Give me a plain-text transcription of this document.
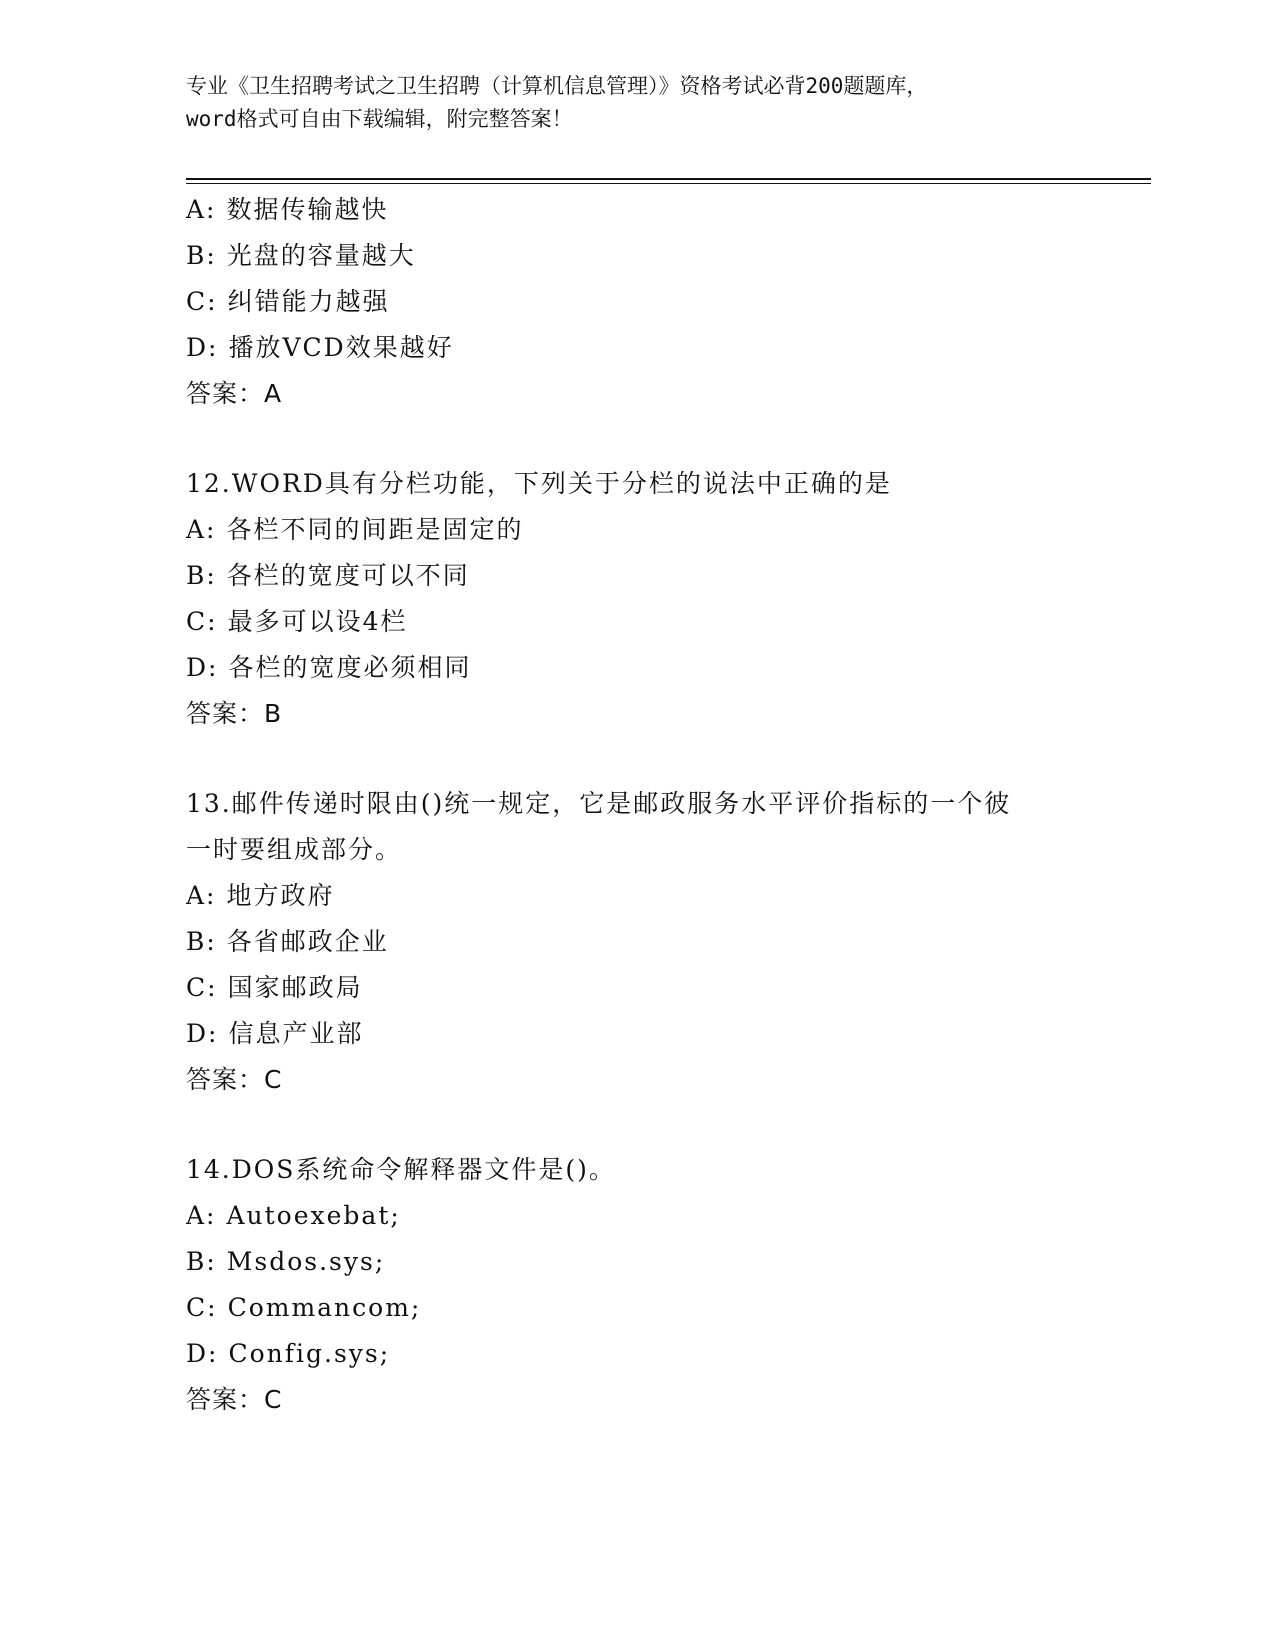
专业《卫生招聘考试之卫生招聘（计算机信息管理）》资格考试必背200题题库，
word格式可自由下载编辑，附完整答案！
A: 数据传输越快
B: 光盘的容量越大
C: 纠错能力越强
D: 播放VCD效果越好
答案：A
12.WORD具有分栏功能，下列关于分栏的说法中正确的是
A: 各栏不同的间距是固定的
B: 各栏的宽度可以不同
C: 最多可以设4栏
D: 各栏的宽度必须相同
答案：B
13.邮件传递时限由()统一规定，它是邮政服务水平评价指标的一个彼
一时要组成部分。
A: 地方政府
B: 各省邮政企业
C: 国家邮政局
D: 信息产业部
答案：C
14.DOS系统命令解释器文件是()。
A: Autoexebat;
B: Msdos.sys;
C: Commancom;
D: Config.sys;
答案：C
